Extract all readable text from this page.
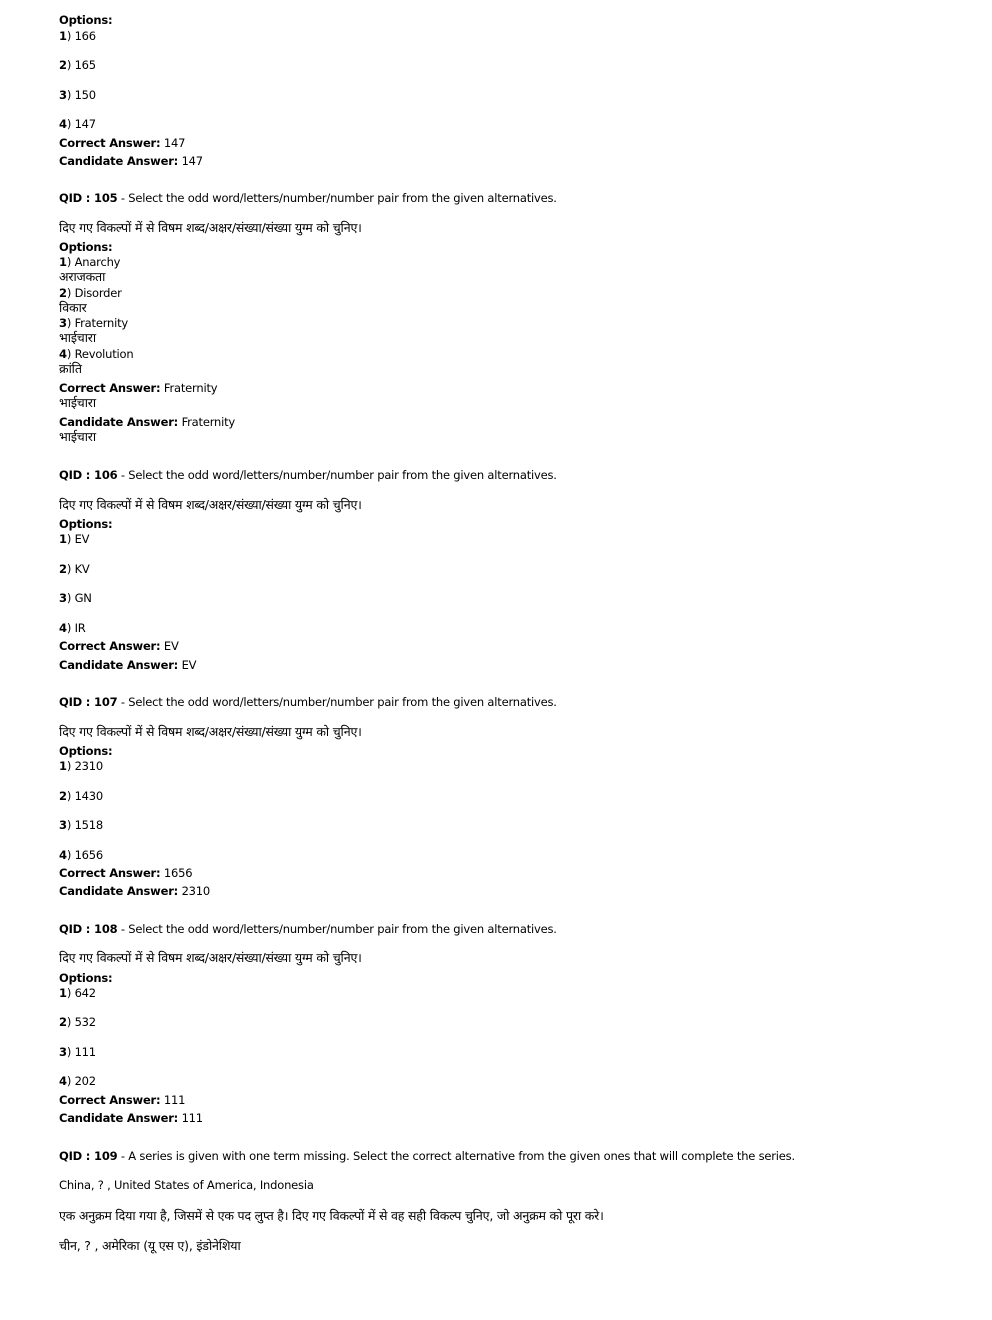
Options:
1) 166
2) 165
3) 150
4) 147
Correct Answer: 147
Candidate Answer: 147
QID : 105 - Select the odd word/letters/number/number pair from the given alternatives.
दिए गए विकल्पों में से विषम शब्द/अक्षर/संख्या/संख्या युग्म को चुनिए।
Options:
1) Anarchy
अराजकता
2) Disorder
विकार
3) Fraternity
भाईचारा
4) Revolution
क्रांति
Correct Answer: Fraternity
भाईचारा
Candidate Answer: Fraternity
भाईचारा
QID : 106 - Select the odd word/letters/number/number pair from the given alternatives.
दिए गए विकल्पों में से विषम शब्द/अक्षर/संख्या/संख्या युग्म को चुनिए।
Options:
1) EV
2) KV
3) GN
4) IR
Correct Answer: EV
Candidate Answer: EV
QID : 107 - Select the odd word/letters/number/number pair from the given alternatives.
दिए गए विकल्पों में से विषम शब्द/अक्षर/संख्या/संख्या युग्म को चुनिए।
Options:
1) 2310
2) 1430
3) 1518
4) 1656
Correct Answer: 1656
Candidate Answer: 2310
QID : 108 - Select the odd word/letters/number/number pair from the given alternatives.
दिए गए विकल्पों में से विषम शब्द/अक्षर/संख्या/संख्या युग्म को चुनिए।
Options:
1) 642
2) 532
3) 111
4) 202
Correct Answer: 111
Candidate Answer: 111
QID : 109 - A series is given with one term missing. Select the correct alternative from the given ones that will complete the series.
China, ? , United States of America, Indonesia
एक अनुक्रम दिया गया है, जिसमें से एक पद लुप्त है। दिए गए विकल्पों में से वह सही विकल्प चुनिए, जो अनुक्रम को पूरा करे।
चीन, ? , अमेरिका (यू एस ए), इंडोनेशिया
